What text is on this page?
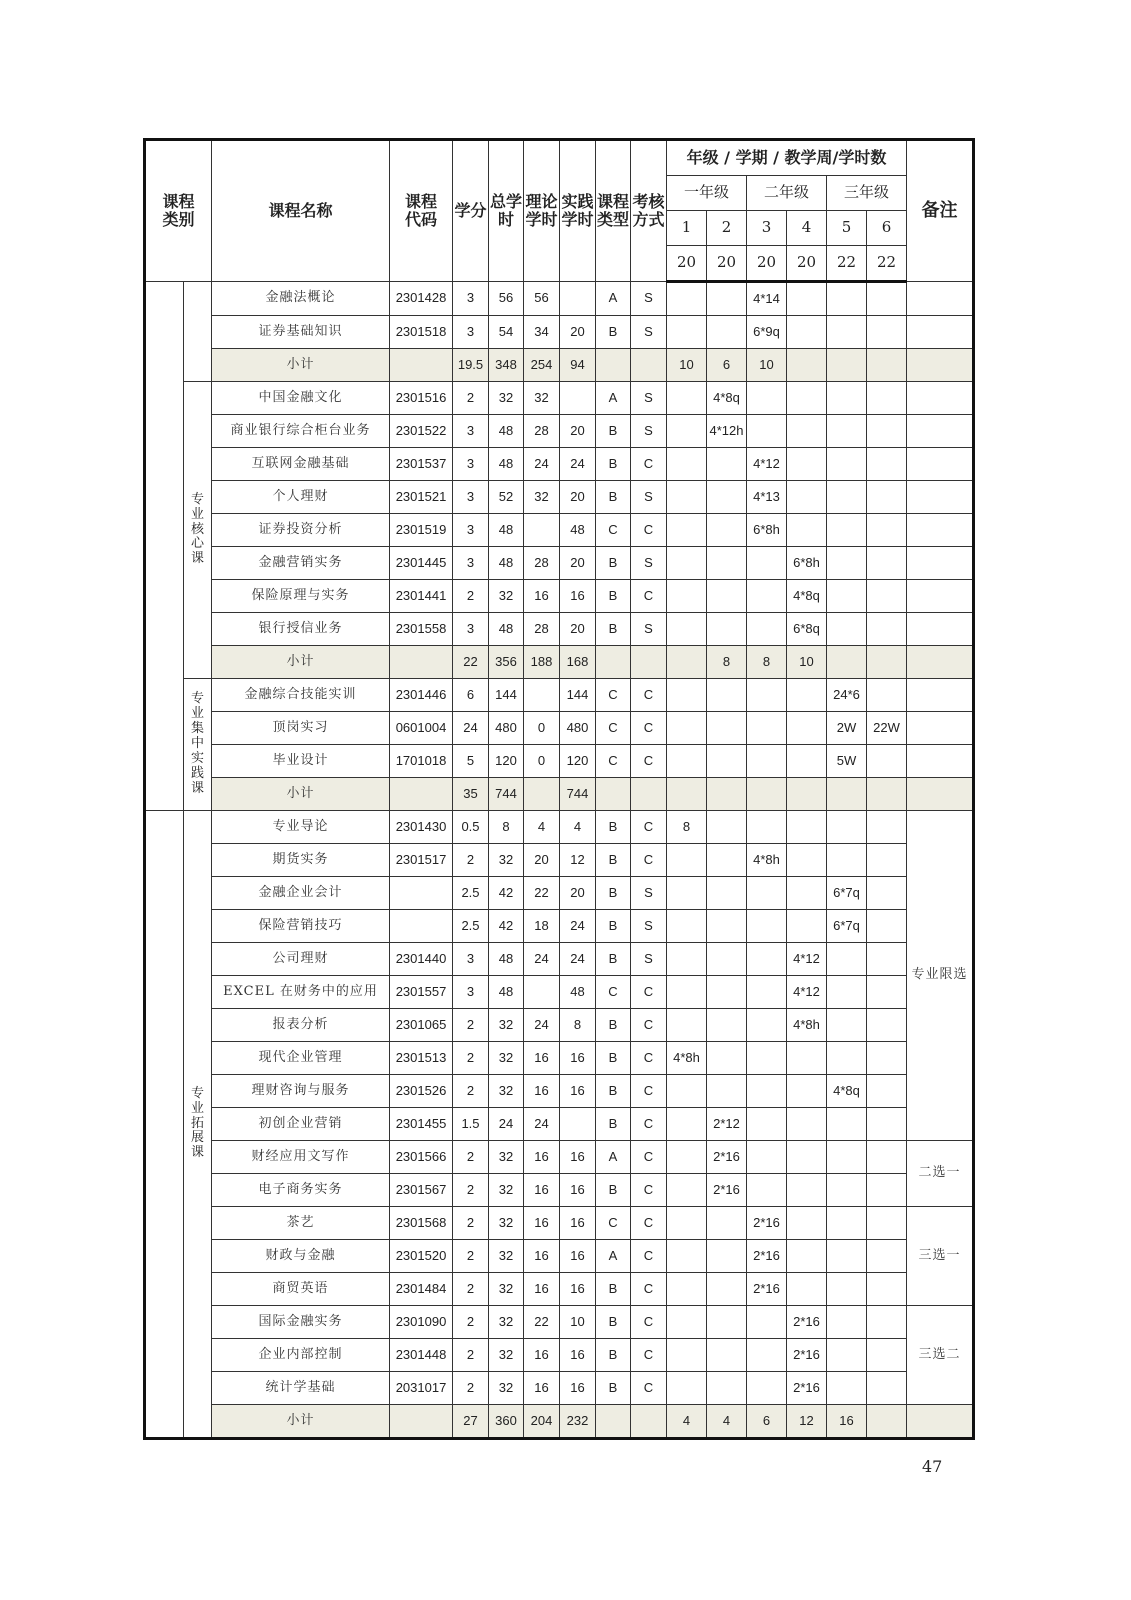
课程类别		课程名称	课程代码	学分	总学时	理论学时	实践学时	课程类型	考核方式	年级 / 学期 / 教学周/学时数						备注
										一年级		二年级		三年级		
										1	2	3	4	5	6	
										20	20	20	20	22	22	
		金融法概论	2301428	3	56	56		A	S			4*14				
		证券基础知识	2301518	3	54	34	20	B	S			6*9q				
		小计		19.5	348	254	94			10	6	10				

	专业核心课	中国金融文化	2301516	2	32	32		A	S		4*8q					
		商业银行综合柜台业务	2301522	3	48	28	20	B	S		4*12h					
		互联网金融基础	2301537	3	48	24	24	B	C			4*12				
		个人理财	2301521	3	52	32	20	B	S			4*13				
		证券投资分析	2301519	3	48		48	C	C			6*8h				
		金融营销实务	2301445	3	48	28	20	B	S				6*8h			
		保险原理与实务	2301441	2	32	16	16	B	C				4*8q			
		银行授信业务	2301558	3	48	28	20	B	S				6*8q			
		小计		22	356	188	168				8	8	10			

	专业集中实践课	金融综合技能实训	2301446	6	144		144	C	C					24*6		
		顶岗实习	0601004	24	480	0	480	C	C					2W	22W	
		毕业设计	1701018	5	120	0	120	C	C					5W		
		小计		35	744		744									

	专业拓展课	专业导论	2301430	0.5	8	4	4	B	C	8						专业限选
		期货实务	2301517	2	32	20	12	B	C			4*8h				
		金融企业会计		2.5	42	22	20	B	S					6*7q		
		保险营销技巧		2.5	42	18	24	B	S					6*7q		
		公司理财	2301440	3	48	24	24	B	S				4*12			
		EXCEL 在财务中的应用	2301557	3	48		48	C	C				4*12			
		报表分析	2301065	2	32	24	8	B	C				4*8h			
		现代企业管理	2301513	2	32	16	16	B	C	4*8h						
		理财咨询与服务	2301526	2	32	16	16	B	C					4*8q		
		初创企业营销	2301455	1.5	24	24		B	C		2*12					
		财经应用文写作	2301566	2	32	16	16	A	C		2*16					二选一
		电子商务实务	2301567	2	32	16	16	B	C		2*16					
		茶艺	2301568	2	32	16	16	C	C			2*16				三选一
		财政与金融	2301520	2	32	16	16	A	C			2*16				
		商贸英语	2301484	2	32	16	16	B	C			2*16				
		国际金融实务	2301090	2	32	22	10	B	C				2*16			三选二
		企业内部控制	2301448	2	32	16	16	B	C				2*16			
		统计学基础	2031017	2	32	16	16	B	C				2*16			
		小计		27	360	204	232			4	4	6	12	16		
47
